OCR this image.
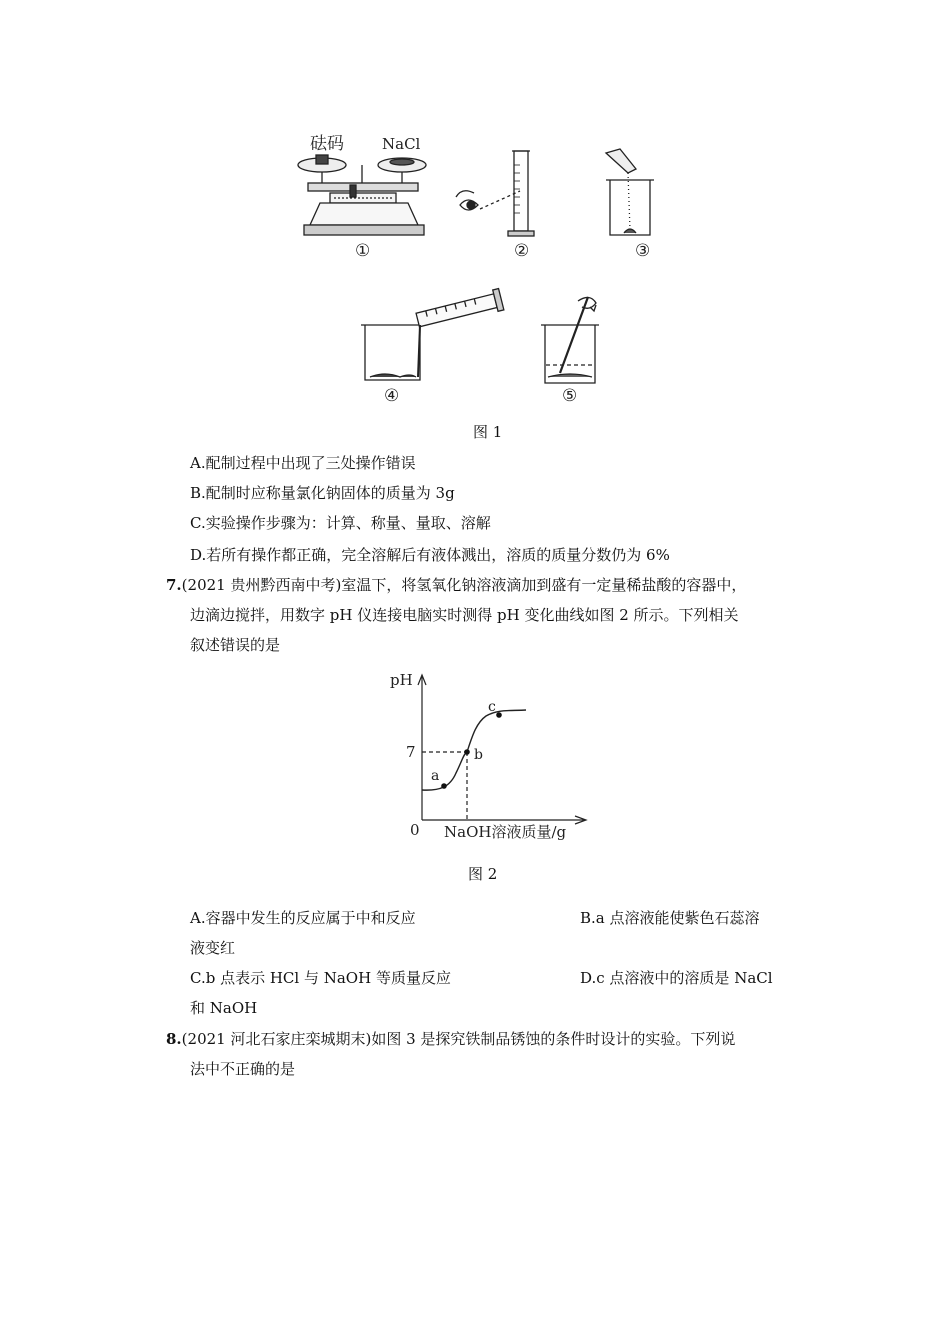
砝码	NaCl
①	②	③
④	⑤
图 1
A.配制过程中出现了三处操作错误
B.配制时应称量氯化钠固体的质量为 3g
C.实验操作步骤为：计算、称量、量取、溶解
D.若所有操作都正确，完全溶解后有液体溅出，溶质的质量分数仍为 6%
7.(2021 贵州黔西南中考)室温下，将氢氧化钠溶液滴加到盛有一定量稀盐酸的容器中，
边滴边搅拌，用数字 pH 仪连接电脑实时测得 pH 变化曲线如图 2 所示。下列相关
叙述错误的是
a
b
c
pH
7
0 NaOH溶液质量/g
图 2
A.容器中发生的反应属于中和反应	B.a 点溶液能使紫色石蕊溶
液变红
C.b 点表示 HCl 与 NaOH 等质量反应	D.c 点溶液中的溶质是 NaCl
和 NaOH
8.(2021 河北石家庄栾城期末)如图 3 是探究铁制品锈蚀的条件时设计的实验。下列说
法中不正确的是
